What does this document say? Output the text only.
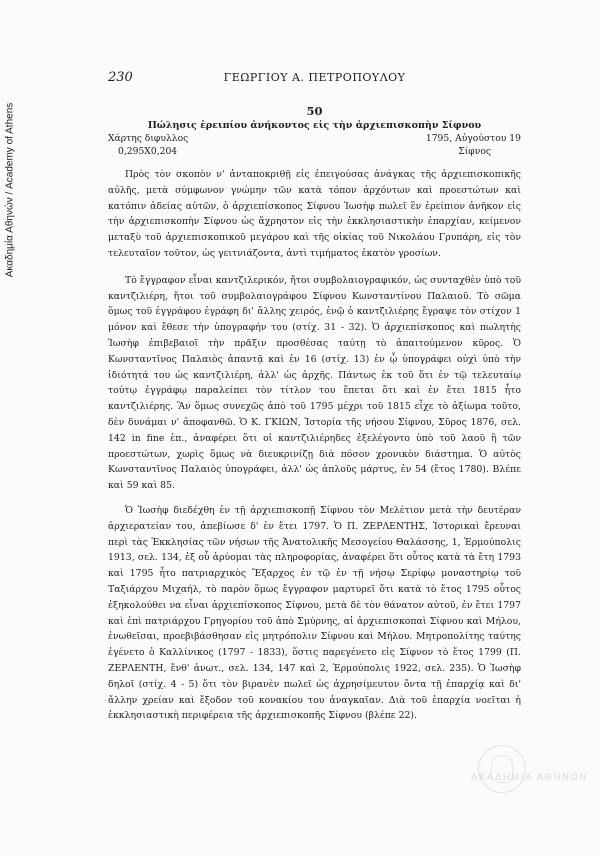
Ακαδημία Αθηνών / Academy of Athens
230	ΓΕΩΡΓΙΟΥ Α. ΠΕΤΡΟΠΟΥΛΟΥ
50
Πώλησις ἐρειπίου ἀνήκοντος εἰς τὴν ἀρχιεπισκοπὴν Σίφνου
Χάρτης διφυλλος
0,295X0,204
1795, Αὐγούστου 19
Σίφνος

Πρὸς τὸν σκοπὸν ν' ἀνταποκριθῇ εἰς ἐπειγούσας ἀνάγκας τῆς ἀρχιεπισκοπικῆς αὐλῆς, μετὰ σύμφωνον γνώμην τῶν κατὰ τόπον ἀρχόντων καὶ προεστώτων καὶ κατόπιν ἀδείας αὐτῶν, ὁ ἀρχιεπίσκοπος Σίφνου Ἰωσὴφ πωλεῖ ἓν ἐρείπιον ἀνῆκον εἰς τὴν ἀρχιεπισκοπὴν Σίφνου ὡς ἄχρηστον εἰς τὴν ἐκκλησιαστικὴν ἐπαρχίαν, κείμενον μεταξὺ τοῦ ἀρχιεπισκοπικοῦ μεγάρου καὶ τῆς οἰκίας τοῦ Νικολάου Γρυπάρη, εἰς τὸν τελευταῖον τοῦτον, ὡς γειτνιάζοντα, ἀντὶ τιμήματος ἑκατὸν γροσίων.

Τὸ ἔγγραφον εἶναι καντζιλερικόν, ἤτοι συμβολαιογραφικόν, ὡς συνταχθὲν ὑπὸ τοῦ καντζιλιέρη, ἤτοι τοῦ συμβολαιογράφου Σίφνου Κωνσταντίνου Παλαιοῦ. Τὸ σῶμα ὅμως τοῦ ἐγγράφου ἐγράφη δι' ἄλλης χειρός, ἐνῷ ὁ καντζιλιέρης ἔγραψε τὸν στίχον 1 μόνον καὶ ἔθεσε τὴν ὑπογραφήν του (στίχ. 31 - 32). Ὁ ἀρχιεπίσκοπος καὶ πωλητὴς Ἰωσὴφ ἐπιβεβαιοῖ τὴν πρᾶξιν προσθέσας ταύτῃ τὸ ἀπαιτούμενον κῦρος. Ὁ Κωνσταντῖνος Παλαιὸς ἀπαντᾷ καὶ ἐν 16 (στίχ. 13) ἐν ᾧ ὑπογράφει οὐχὶ ὑπὸ τὴν ἰδιότητά του ὡς καντζιλιέρη, ἀλλ' ὡς ἀρχῆς. Πάντως ἐκ τοῦ ὅτι ἐν τῷ τελευταίῳ τούτῳ ἐγγράφῳ παραλείπει τὸν τίτλον του ἕπεται ὅτι καὶ ἐν ἔτει 1815 ἦτο καντζιλιέρης. Ἂν ὅμως συνεχῶς ἀπὸ τοῦ 1795 μέχρι τοῦ 1815 εἶχε τὸ ἀξίωμα τοῦτο, δὲν δυνάμαι ν' ἀποφανθῶ. Ὁ Κ. ΓΚΙΩΝ, Ἱστορία τῆς νήσου Σίφνου, Σῦρος 1876, σελ. 142 in fine ἐπ., ἀναφέρει ὅτι οἱ καντζιλιέρηδες ἐξελέγοντο ὑπὸ τοῦ λαοῦ ἢ τῶν προεστώτων, χωρὶς ὅμως νὰ διευκρινίζῃ διὰ πόσον χρονικὸν διάστημα. Ὁ αὐτὸς Κωνσταντῖνος Παλαιὸς ὑπογράφει, ἀλλ' ὡς ἁπλοῦς μάρτυς, ἐν 54 (ἔτος 1780). Βλέπε καὶ 59 καὶ 85.

Ὁ Ἰωσὴφ διεδέχθη ἐν τῇ ἀρχιεπισκοπῇ Σίφνου τὸν Μελέτιον μετὰ τὴν δευτέραν ἀρχιερατείαν του, ἀπεβίωσε δ' ἐν ἔτει 1797. Ὁ Π. ΖΕΡΛΕΝΤΗΣ, Ἱστορικαὶ ἔρευναι περὶ τὰς Ἐκκλησίας τῶν νήσων τῆς Ἀνατολικῆς Μεσογείου Θαλάσσης, 1, Ἑρμούπολις 1913, σελ. 134, ἐξ οὗ ἀρύομαι τὰς πληροφορίας, ἀναφέρει ὅτι οὗτος κατὰ τὰ ἔτη 1793 καὶ 1795 ἦτο πατριαρχικὸς Ἔξαρχος ἐν τῷ ἐν τῇ νήσῳ Σερίφῳ μοναστηρίῳ τοῦ Ταξιάρχου Μιχαήλ, τὸ παρὸν ὅμως ἔγγραφον μαρτυρεῖ ὅτι κατὰ τὸ ἔτος 1795 οὗτος ἐξηκολούθει να εἶναι ἀρχιεπίσκοπος Σίφνου, μετὰ δὲ τὸν θάνατον αὐτοῦ, ἐν ἔτει 1797 καὶ ἐπὶ πατριάρχου Γρηγορίου τοῦ ἀπὸ Σμύρνης, αἱ ἀρχιεπισκοπαὶ Σίφνου καὶ Μήλου, ἑνωθεῖσαι, προεβιβάσθησαν εἰς μητρόπολιν Σίφνου καὶ Μήλου. Μητροπολίτης ταύτης ἐγένετο ὁ Καλλίνικος (1797 - 1833), ὅστις παρεγένετο εἰς Σίφνον τὸ ἔτος 1799 (Π. ΖΕΡΛΕΝΤΗ, ἔνθ' ἀνωτ., σελ. 134, 147 καὶ 2, Ἑρμούπολις 1922, σελ. 235). Ὁ Ἰωσὴφ δηλοῖ (στίχ. 4 - 5) ὅτι τὸν βιρανὲν πωλεῖ ὡς ἀχρησίμευτον ὄντα τῇ ἐπαρχίᾳ καὶ δι' ἄλλην χρείαν καὶ ἔξοδον τοῦ κονακίου του ἀναγκαῖαν. Διὰ τοῦ ἐπαρχία νοεῖται ἡ ἐκκλησιαστικὴ περιφέρεια τῆς ἀρχιεπισκοπῆς Σίφνου (βλέπε 22).

ΑΚΑΔΗΜΙΑ ΑΘΗΝΩΝ
